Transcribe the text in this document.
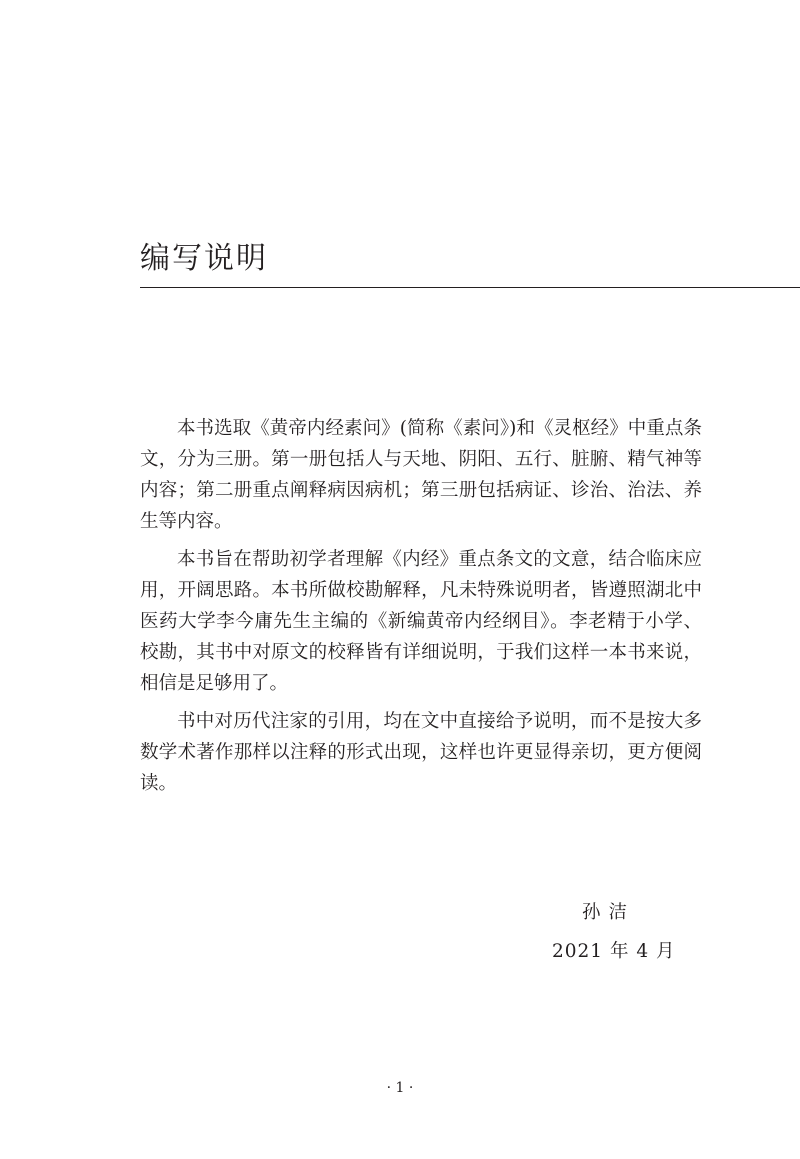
编写说明

本书选取《黄帝内经素问》(简称《素问》)和《灵枢经》中重点条文，分为三册。第一册包括人与天地、阴阳、五行、脏腑、精气神等内容；第二册重点阐释病因病机；第三册包括病证、诊治、治法、养生等内容。

本书旨在帮助初学者理解《内经》重点条文的文意，结合临床应用，开阔思路。本书所做校勘解释，凡未特殊说明者，皆遵照湖北中医药大学李今庸先生主编的《新编黄帝内经纲目》。李老精于小学、校勘，其书中对原文的校释皆有详细说明，于我们这样一本书来说，相信是足够用了。

书中对历代注家的引用，均在文中直接给予说明，而不是按大多数学术著作那样以注释的形式出现，这样也许更显得亲切，更方便阅读。

孙洁
2021 年 4 月
· 1 ·
